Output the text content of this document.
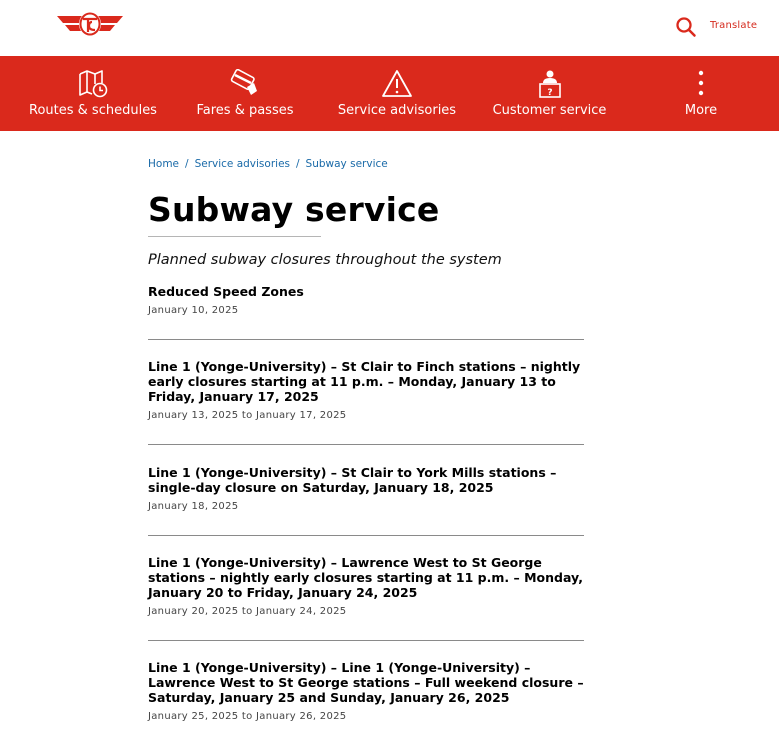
Translate
Routes & schedules	Fares & passes	Service advisories
?
Customer service	More
Home / Service advisories / Subway service
Subway service
Planned subway closures throughout the system
Reduced Speed Zones
January 10, 2025
Line 1 (Yonge-University) – St Clair to Finch stations – nightly early closures starting at 11 p.m. – Monday, January 13 to Friday, January 17, 2025
January 13, 2025 to January 17, 2025
Line 1 (Yonge-University) – St Clair to York Mills stations – single-day closure on Saturday, January 18, 2025
January 18, 2025
Line 1 (Yonge-University) – Lawrence West to St George stations – nightly early closures starting at 11 p.m. – Monday, January 20 to Friday, January 24, 2025
January 20, 2025 to January 24, 2025
Line 1 (Yonge-University) – Line 1 (Yonge-University) – Lawrence West to St George stations – Full weekend closure – Saturday, January 25 and Sunday, January 26, 2025
January 25, 2025 to January 26, 2025
